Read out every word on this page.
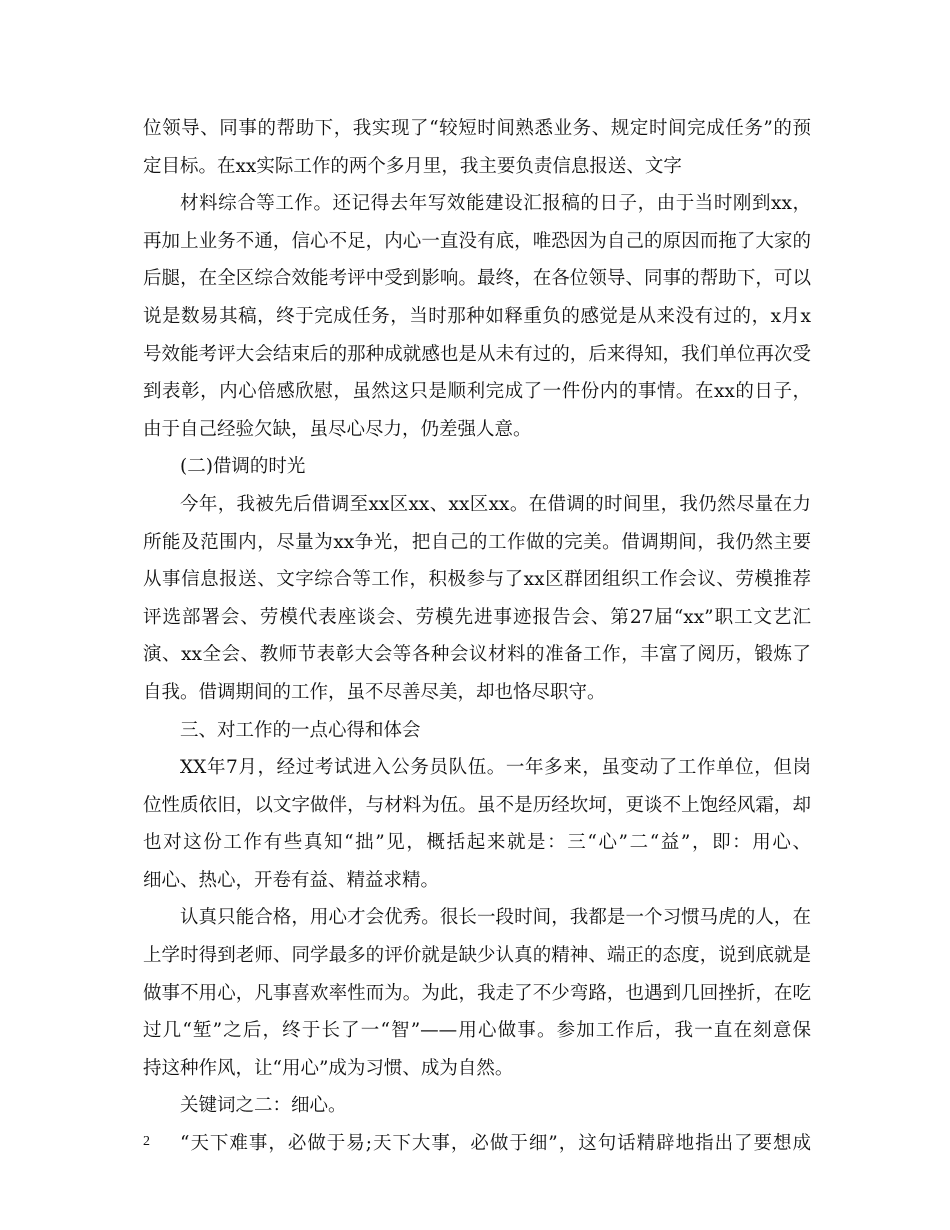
位领导、同事的帮助下，我实现了“较短时间熟悉业务、规定时间完成任务”的预
定目标。在xx实际工作的两个多月里，我主要负责信息报送、文字
材料综合等工作。还记得去年写效能建设汇报稿的日子，由于当时刚到xx，
再加上业务不通，信心不足，内心一直没有底，唯恐因为自己的原因而拖了大家的
后腿，在全区综合效能考评中受到影响。最终，在各位领导、同事的帮助下，可以
说是数易其稿，终于完成任务，当时那种如释重负的感觉是从来没有过的，x月x
号效能考评大会结束后的那种成就感也是从未有过的，后来得知，我们单位再次受
到表彰，内心倍感欣慰，虽然这只是顺利完成了一件份内的事情。在xx的日子，
由于自己经验欠缺，虽尽心尽力，仍差强人意。
(二)借调的时光
今年，我被先后借调至xx区xx、xx区xx。在借调的时间里，我仍然尽量在力
所能及范围内，尽量为xx争光，把自己的工作做的完美。借调期间，我仍然主要
从事信息报送、文字综合等工作，积极参与了xx区群团组织工作会议、劳模推荐
评选部署会、劳模代表座谈会、劳模先进事迹报告会、第27届“xx”职工文艺汇
演、xx全会、教师节表彰大会等各种会议材料的准备工作，丰富了阅历，锻炼了
自我。借调期间的工作，虽不尽善尽美，却也恪尽职守。
三、对工作的一点心得和体会
XX年7月，经过考试进入公务员队伍。一年多来，虽变动了工作单位，但岗
位性质依旧，以文字做伴，与材料为伍。虽不是历经坎坷，更谈不上饱经风霜，却
也对这份工作有些真知“拙”见，概括起来就是：三“心”二“益”，即：用心、
细心、热心，开卷有益、精益求精。
认真只能合格，用心才会优秀。很长一段时间，我都是一个习惯马虎的人，在
上学时得到老师、同学最多的评价就是缺少认真的精神、端正的态度，说到底就是
做事不用心，凡事喜欢率性而为。为此，我走了不少弯路，也遇到几回挫折，在吃
过几“堑”之后，终于长了一“智”——用心做事。参加工作后，我一直在刻意保
持这种作风，让“用心”成为习惯、成为自然。
关键词之二：细心。
“天下难事，必做于易;天下大事，必做于细”，这句话精辟地指出了要想成
2
